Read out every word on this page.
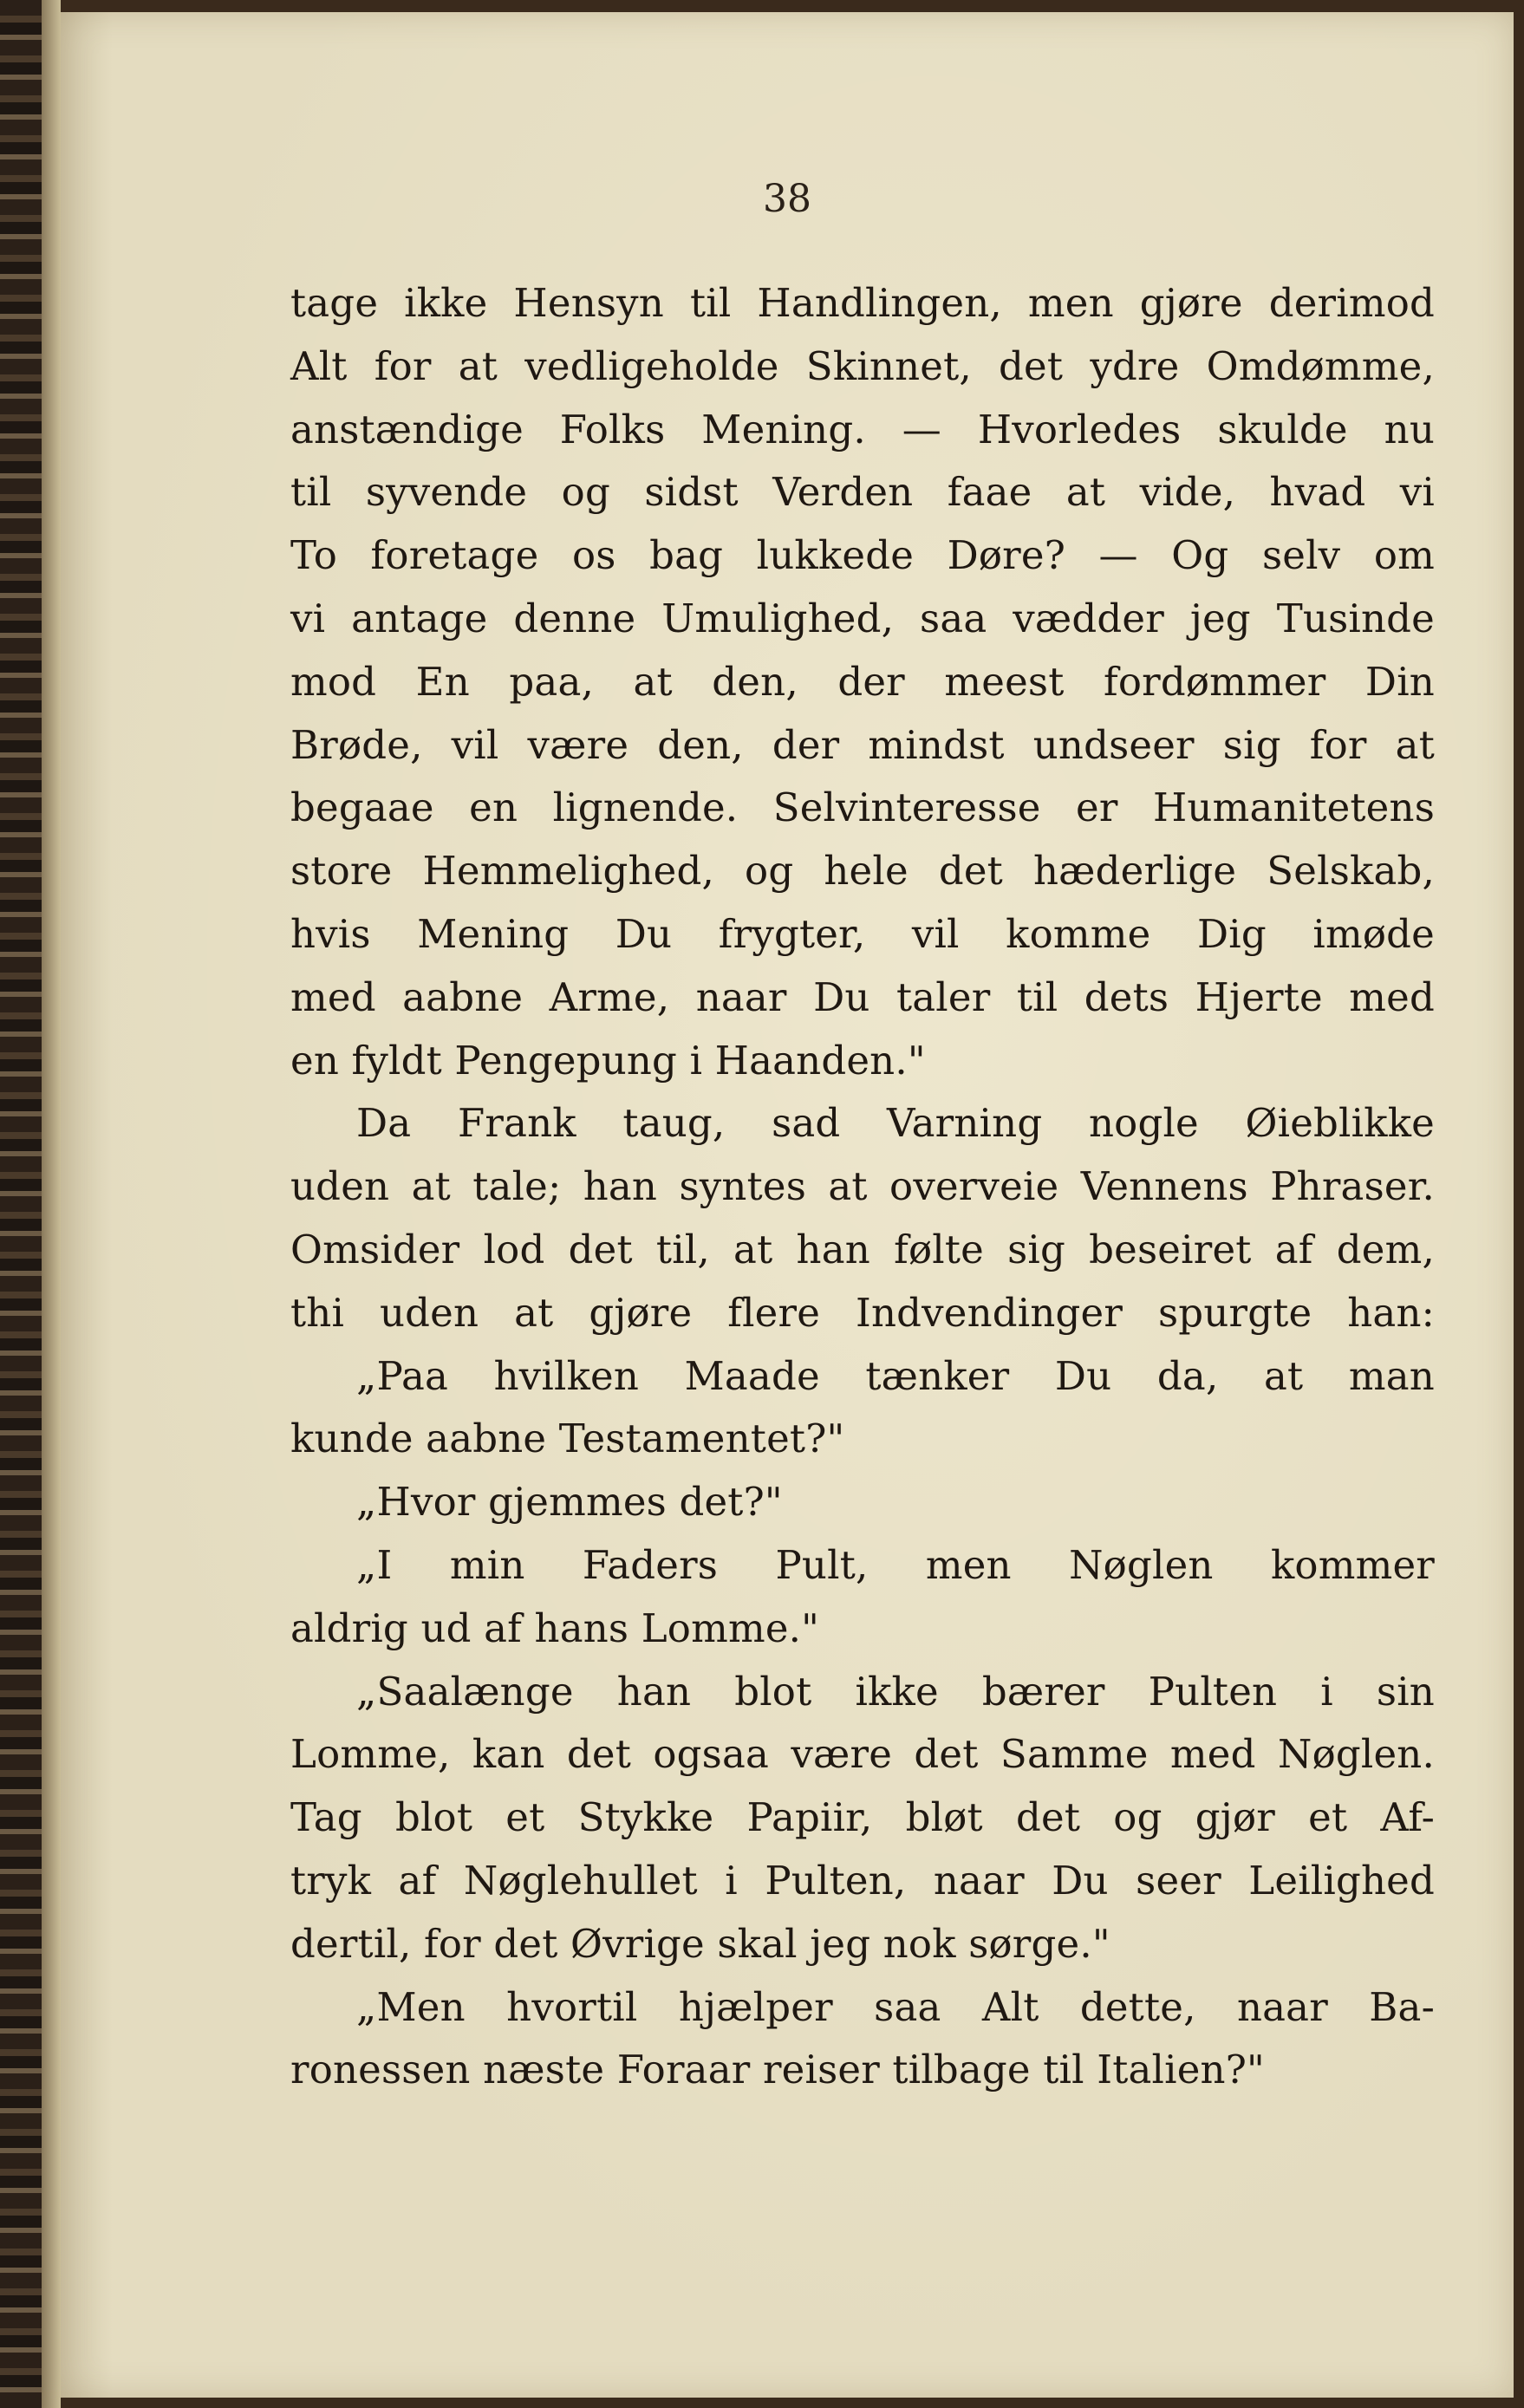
38
tage ikke Hensyn til Handlingen, men gjøre derimod
Alt for at vedligeholde Skinnet, det ydre Omdømme,
anstændige Folks Mening. — Hvorledes skulde nu
til syvende og sidst Verden faae at vide, hvad vi
To foretage os bag lukkede Døre? — Og selv om
vi antage denne Umulighed, saa vædder jeg Tusinde
mod En paa, at den, der meest fordømmer Din
Brøde, vil være den, der mindst undseer sig for at
begaae en lignende. Selvinteresse er Humanitetens
store Hemmelighed, og hele det hæderlige Selskab,
hvis Mening Du frygter, vil komme Dig imøde
med aabne Arme, naar Du taler til dets Hjerte med
en fyldt Pengepung i Haanden."
Da Frank taug, sad Varning nogle Øieblikke
uden at tale; han syntes at overveie Vennens Phraser.
Omsider lod det til, at han følte sig beseiret af dem,
thi uden at gjøre flere Indvendinger spurgte han:
„Paa hvilken Maade tænker Du da, at man
kunde aabne Testamentet?"
„Hvor gjemmes det?"
„I min Faders Pult, men Nøglen kommer
aldrig ud af hans Lomme."
„Saalænge han blot ikke bærer Pulten i sin
Lomme, kan det ogsaa være det Samme med Nøglen.
Tag blot et Stykke Papiir, bløt det og gjør et Af-
tryk af Nøglehullet i Pulten, naar Du seer Leilighed
dertil, for det Øvrige skal jeg nok sørge."
„Men hvortil hjælper saa Alt dette, naar Ba-
ronessen næste Foraar reiser tilbage til Italien?"
